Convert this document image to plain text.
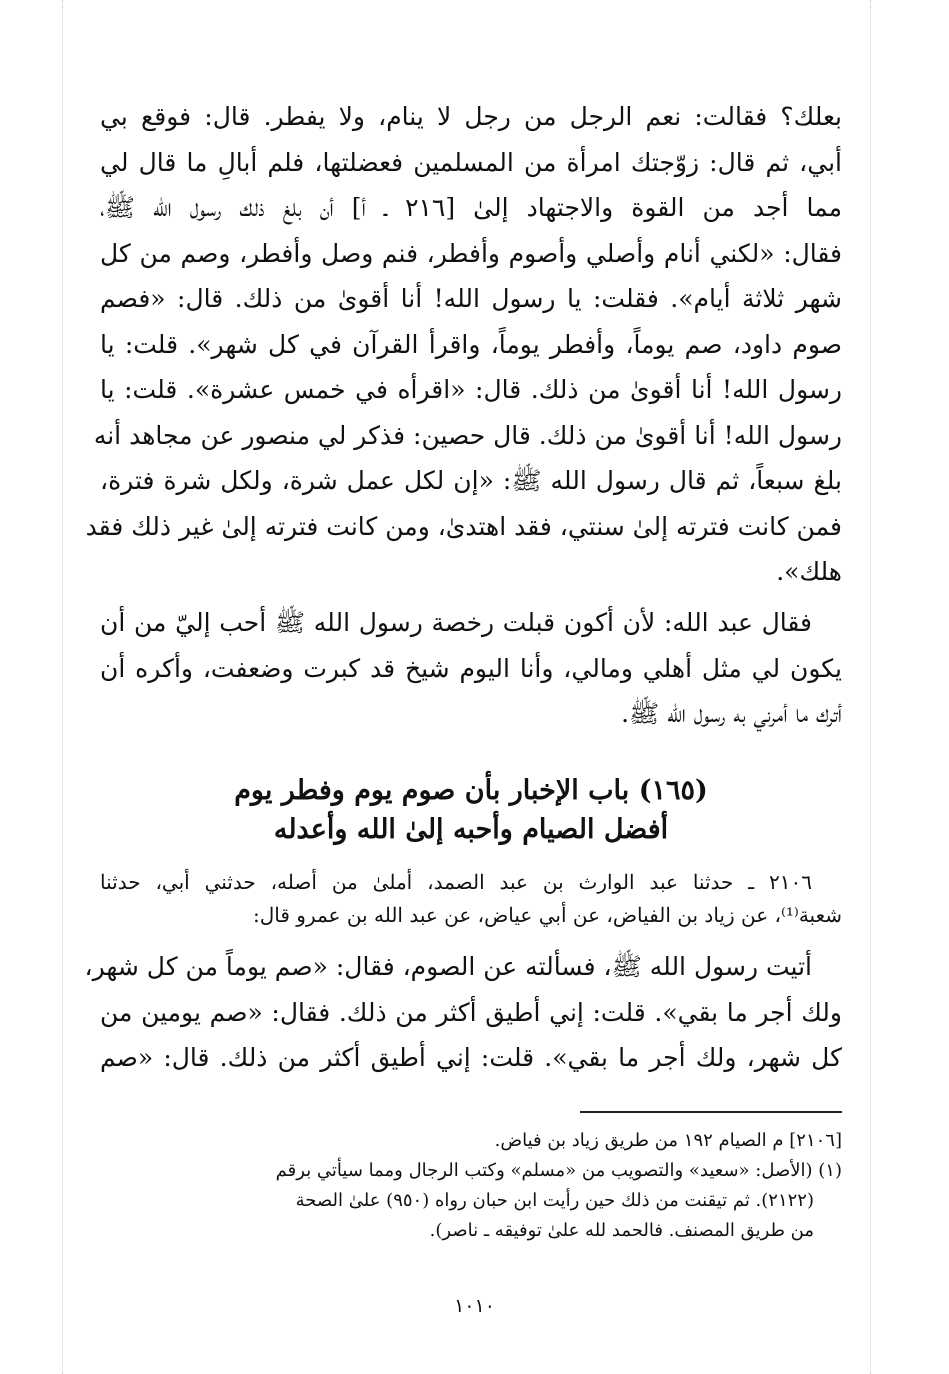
بعلك؟ فقالت: نعم الرجل من رجل لا ينام، ولا يفطر. قال: فوقع بي
أبي، ثم قال: زوّجتك امرأة من المسلمين فعضلتها، فلم أبالِ ما قال لي
مما أجد من القوة والاجتهاد إلىٰ [٢١٦ ـ أ] أن بلغ ذلك رسول الله ﷺ،
فقال: «لكني أنام وأصلي وأصوم وأفطر، فنم وصل وأفطر، وصم من كل
شهر ثلاثة أيام». فقلت: يا رسول الله! أنا أقوىٰ من ذلك. قال: «فصم
صوم داود، صم يوماً، وأفطر يوماً، واقرأ القرآن في كل شهر». قلت: يا
رسول الله! أنا أقوىٰ من ذلك. قال: «اقرأه في خمس عشرة». قلت: يا
رسول الله! أنا أقوىٰ من ذلك. قال حصين: فذكر لي منصور عن مجاهد أنه
بلغ سبعاً، ثم قال رسول الله ﷺ: «إن لكل عمل شرة، ولكل شرة فترة،
فمن كانت فترته إلىٰ سنتي، فقد اهتدىٰ، ومن كانت فترته إلىٰ غير ذلك فقد
هلك».
فقال عبد الله: لأن أكون قبلت رخصة رسول الله ﷺ أحب إليّ من أن
يكون لي مثل أهلي ومالي، وأنا اليوم شيخ قد كبرت وضعفت، وأكره أن
أترك ما أمرني به رسول الله ﷺ.
(١٦٥) باب الإخبار بأن صوم يوم وفطر يوم
أفضل الصيام وأحبه إلىٰ الله وأعدله
٢١٠٦ ـ حدثنا عبد الوارث بن عبد الصمد، أملىٰ من أصله، حدثني أبي، حدثنا
شعبة⁽¹⁾، عن زياد بن الفياض، عن أبي عياض، عن عبد الله بن عمرو قال:
أتيت رسول الله ﷺ، فسألته عن الصوم، فقال: «صم يوماً من كل شهر،
ولك أجر ما بقي». قلت: إني أطيق أكثر من ذلك. فقال: «صم يومين من
كل شهر، ولك أجر ما بقي». قلت: إني أطيق أكثر من ذلك. قال: «صم
[٢١٠٦] م الصيام ١٩٢ من طريق زياد بن فياض.
(١) (الأصل: «سعيد» والتصويب من «مسلم» وكتب الرجال ومما سيأتي برقم
(٢١٢٢). ثم تيقنت من ذلك حين رأيت ابن حبان رواه (٩٥٠) علىٰ الصحة
من طريق المصنف. فالحمد لله علىٰ توفيقه ـ ناصر).
١٠١٠
